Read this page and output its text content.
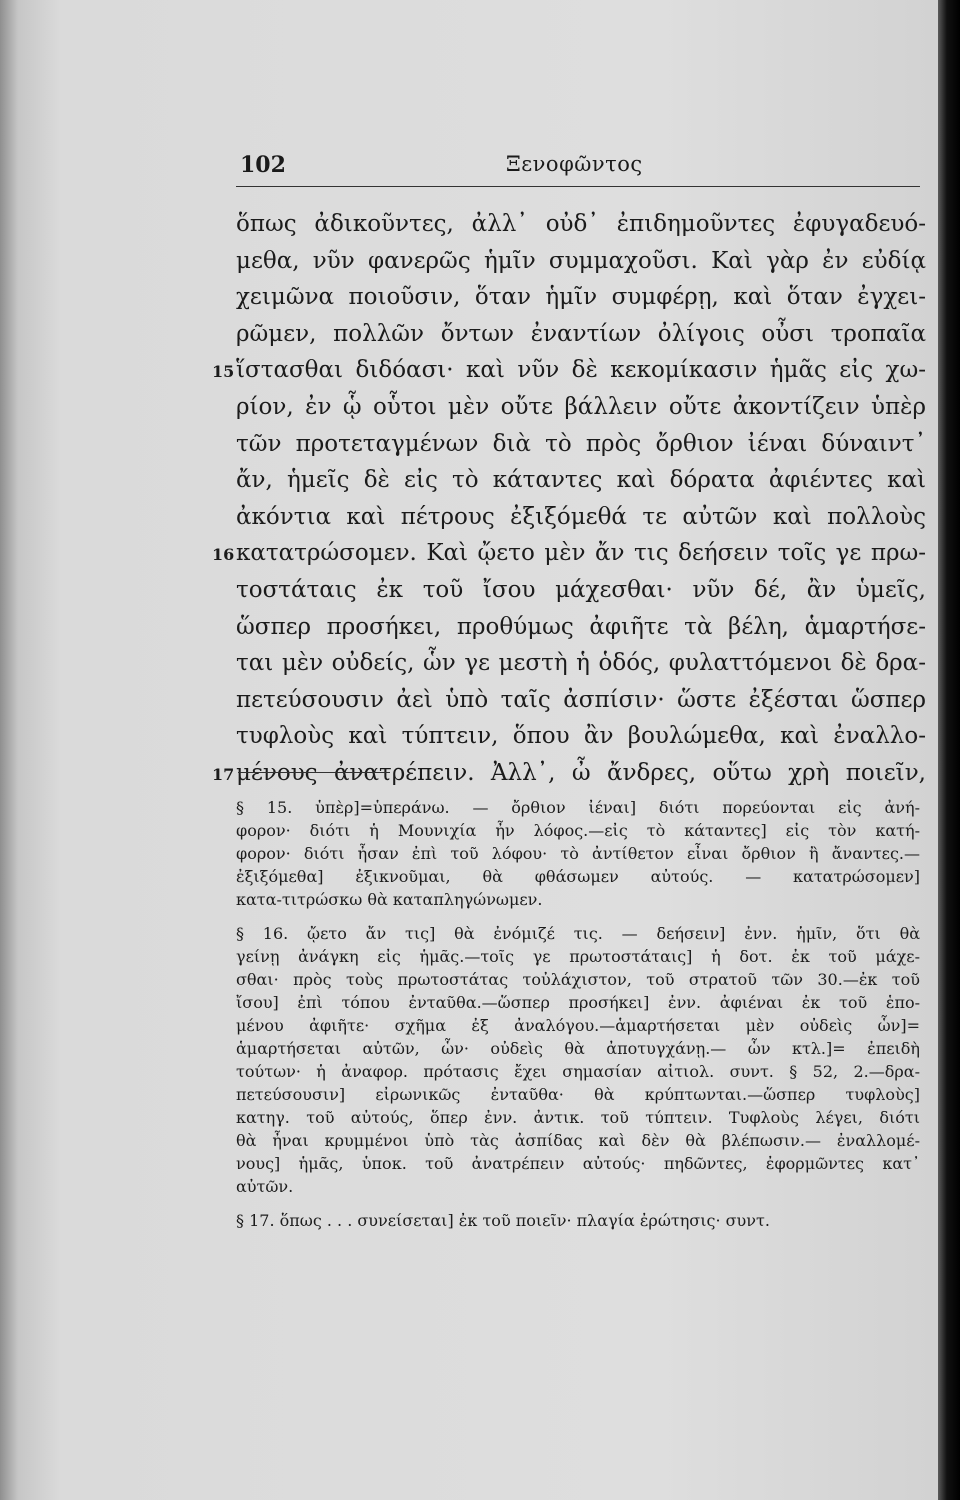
102	Ξενοφῶντος
ὅπως ἀδικοῦντες, ἀλλ᾽ οὐδ᾽ ἐπιδημοῦντες ἐφυγαδευό-
μεθα, νῦν φανερῶς ἡμῖν συμμαχοῦσι. Καὶ γὰρ ἐν εὐδίᾳ
χειμῶνα ποιοῦσιν, ὅταν ἡμῖν συμφέρῃ, καὶ ὅταν ἐγχει-
ρῶμεν, πολλῶν ὄντων ἐναντίων ὀλίγοις οὖσι τροπαῖα
15 ἵστασθαι διδόασι· καὶ νῦν δὲ κεκομίκασιν ἡμᾶς εἰς χω-
ρίον, ἐν ᾧ οὗτοι μὲν οὔτε βάλλειν οὔτε ἀκοντίζειν ὑπὲρ
τῶν προτεταγμένων διὰ τὸ πρὸς ὄρθιον ἰέναι δύναιντ᾽
ἄν, ἡμεῖς δὲ εἰς τὸ κάταντες καὶ δόρατα ἀφιέντες καὶ
ἀκόντια καὶ πέτρους ἐξιξόμεθά τε αὐτῶν καὶ πολλοὺς
16 κατατρώσομεν. Καὶ ᾤετο μὲν ἄν τις δεήσειν τοῖς γε πρω-
τοστάταις ἐκ τοῦ ἴσου μάχεσθαι· νῦν δέ, ἂν ὑμεῖς,
ὥσπερ προσήκει, προθύμως ἀφιῆτε τὰ βέλη, ἁμαρτήσε-
ται μὲν οὐδείς, ὧν γε μεστὴ ἡ ὁδός, φυλαττόμενοι δὲ δρα-
πετεύσουσιν ἀεὶ ὑπὸ ταῖς ἀσπίσιν· ὥστε ἐξέσται ὥσπερ
τυφλοὺς καὶ τύπτειν, ὅπου ἂν βουλώμεθα, καὶ ἐναλλο-
17 μένους ἀνατρέπειν. Ἀλλ᾽, ὦ ἄνδρες, οὕτω χρὴ ποιεῖν,
§ 15. ὑπὲρ]=ὑπεράνω. — ὄρθιον ἰέναι] διότι πορεύονται εἰς ἀνή-
φορον· διότι ἡ Μουνιχία ἦν λόφος.—εἰς τὸ κάταντες] εἰς τὸν κατή-
φορον· διότι ἦσαν ἐπὶ τοῦ λόφου· τὸ ἀντίθετον εἶναι ὄρθιον ἢ ἄναντες.—
ἐξιξόμεθα] ἐξικνοῦμαι, θὰ φθάσωμεν αὐτούς. — κατατρώσομεν]
κατα-τιτρώσκω θὰ καταπληγώνωμεν.
§ 16. ᾤετο ἄν τις] θὰ ἐνόμιζέ τις. — δεήσειν] ἐνν. ἡμῖν, ὅτι θὰ
γείνῃ ἀνάγκη εἰς ἡμᾶς.—τοῖς γε πρωτοστάταις] ἡ δοτ. ἐκ τοῦ μάχε-
σθαι· πρὸς τοὺς πρωτοστάτας τοὐλάχιστον, τοῦ στρατοῦ τῶν 30.—ἐκ τοῦ
ἴσου] ἐπὶ τόπου ἐνταῦθα.—ὥσπερ προσήκει] ἐνν. ἀφιέναι ἐκ τοῦ ἑπο-
μένου ἀφιῆτε· σχῆμα ἐξ ἀναλόγου.—ἁμαρτήσεται μὲν οὐδεὶς ὧν]=
ἁμαρτήσεται αὐτῶν, ὧν· οὐδεὶς θὰ ἀποτυγχάνῃ.— ὧν κτλ.]= ἐπειδὴ
τούτων· ἡ ἀναφορ. πρότασις ἔχει σημασίαν αἰτιολ. συντ. § 52, 2.—δρα-
πετεύσουσιν] εἰρωνικῶς ἐνταῦθα· θὰ κρύπτωνται.—ὥσπερ τυφλοὺς]
κατηγ. τοῦ αὐτούς, ὅπερ ἐνν. ἀντικ. τοῦ τύπτειν. Τυφλοὺς λέγει, διότι
θὰ ἦναι κρυμμένοι ὑπὸ τὰς ἀσπίδας καὶ δὲν θὰ βλέπωσιν.— ἐναλλομέ-
νους] ἡμᾶς, ὑποκ. τοῦ ἀνατρέπειν αὐτούς· πηδῶντες, ἐφορμῶντες κατ᾽
αὐτῶν.
§ 17. ὅπως . . . συνείσεται] ἐκ τοῦ ποιεῖν· πλαγία ἐρώτησις· συντ.
